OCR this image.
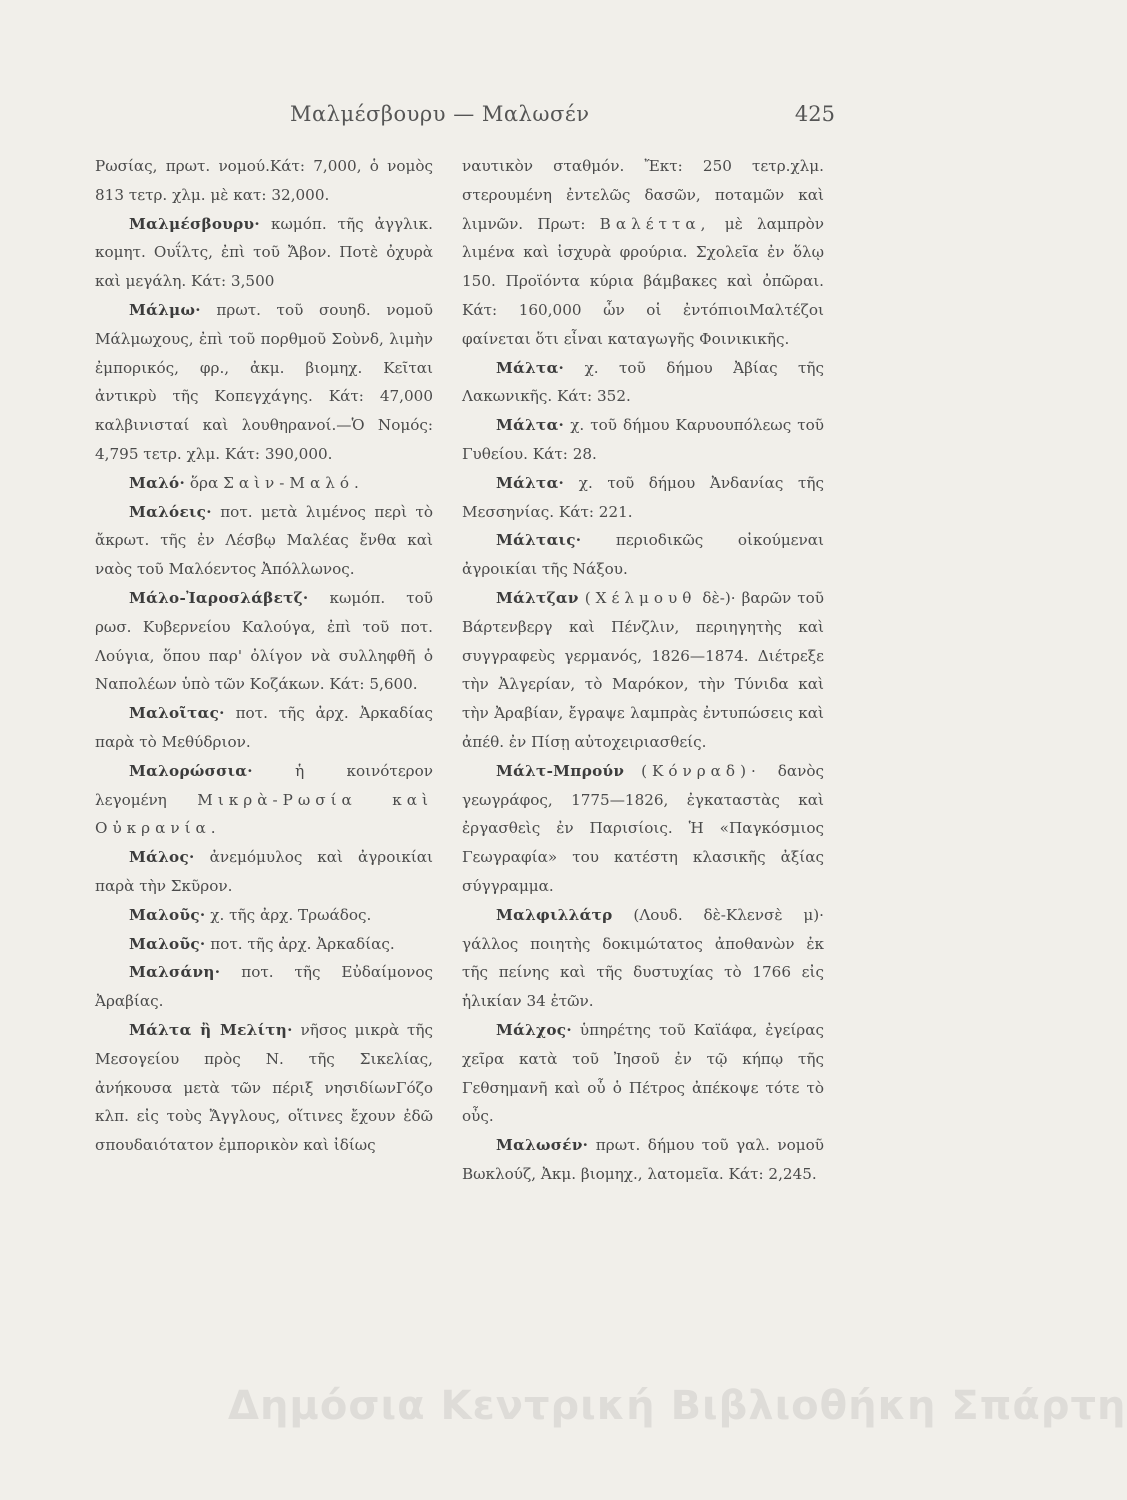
Μαλμέσβουρυ — Μαλωσέν	425

Ρωσίας, πρωτ. νομού.Κάτ: 7,000, ὁ νομὸς 813 τετρ. χλμ. μὲ κατ: 32,000.

Μαλμέσβουρυ· κωμόπ. τῆς ἀγγλικ. κομητ. Ουΐλτς, ἐπὶ τοῦ Ἄβον. Ποτὲ ὀχυρὰ καὶ μεγάλη. Κάτ: 3,500

Μάλμω· πρωτ. τοῦ σουηδ. νομοῦ Μάλμωχους, ἐπὶ τοῦ πορθμοῦ Σοὺνδ, λιμὴν ἐμπορικός, φρ., ἀκμ. βιομηχ. Κεῖται ἀντικρὺ τῆς Κοπεγχάγης. Κάτ: 47,000 καλβινισταί καὶ λουθηρανοί.—Ὁ Νομός: 4,795 τετρ. χλμ. Κάτ: 390,000.

Μαλό· ὅρα Σαὶν-Μαλό.

Μαλόεις· ποτ. μετὰ λιμένος περὶ τὸ ἄκρωτ. τῆς ἐν Λέσβῳ Μαλέας ἔνθα καὶ ναὸς τοῦ Μαλόεντος Ἀπόλλωνος.

Μάλο-Ἰαροσλάβετζ· κωμόπ. τοῦ ρωσ. Κυβερνείου Καλούγα, ἐπὶ τοῦ ποτ. Λούγια, ὅπου παρ' ὀλίγον νὰ συλληφθῆ ὁ Ναπολέων ὑπὸ τῶν Κοζάκων. Κάτ: 5,600.

Μαλοῖτας· ποτ. τῆς ἀρχ. Ἀρκαδίας παρὰ τὸ Μεθύδριον.

Μαλορώσσια·	ἡ κοινότερον λεγομένη Μικρὰ-Ρωσία καὶ Οὐκρανία.

Μάλος· ἀνεμόμυλος καὶ ἀγροικίαι παρὰ τὴν Σκῦρον.

Μαλοῦς· χ. τῆς ἀρχ. Τρωάδος.

Μαλοῦς· ποτ. τῆς ἀρχ. Ἀρκαδίας.

Μαλσάνη· ποτ. τῆς Εὐδαίμονος Ἀραβίας.

Μάλτα ἢ Μελίτη· νῆσος μικρὰ τῆς Μεσογείου πρὸς Ν. τῆς Σικελίας, ἀνήκουσα μετὰ τῶν πέριξ νησιδίωνΓόζο κλπ. εἰς τοὺς Ἄγγλους, οἵτινες ἔχουν ἐδῶ σπουδαιότατον ἐμπορικὸν καὶ ἰδίως

ναυτικὸν σταθμόν. Ἔκτ: 250 τετρ.χλμ. στερουμένη ἐντελῶς δασῶν, ποταμῶν καὶ λιμνῶν. Πρωτ: Βαλέττα, μὲ λαμπρὸν λιμένα καὶ ἰσχυρὰ φρούρια. Σχολεῖα ἐν ὅλῳ 150. Προϊόντα κύρια βάμβακες καὶ ὀπῶραι. Κάτ: 160,000 ὧν οἱ ἐντόπιοιΜαλτέζοι φαίνεται ὅτι εἶναι καταγωγῆς Φοινικικῆς.

Μάλτα· χ. τοῦ δήμου Ἀβίας τῆς Λακωνικῆς. Κάτ: 352.

Μάλτα· χ. τοῦ δήμου Καρυουπόλεως τοῦ Γυθείου. Κάτ: 28.

Μάλτα· χ. τοῦ δήμου Ἀνδανίας τῆς Μεσσηνίας. Κάτ: 221.

Μάλταις· περιοδικῶς οἰκούμεναι ἀγροικίαι τῆς Νάξου.

Μάλτζαν (Χέλμουθ δὲ-)· βαρῶν τοῦ Βάρτενβεργ καὶ Πένζλιν, περιηγητὴς καὶ συγγραφεὺς γερμανός, 1826—1874. Διέτρεξε τὴν Ἀλγερίαν, τὸ Μαρόκον, τὴν Τύνιδα καὶ τὴν Ἀραβίαν, ἔγραψε λαμπρὰς ἐντυπώσεις καὶ ἀπέθ. ἐν Πίσῃ αὐτοχειριασθείς.

Μάλτ-Μπρούν (Κόνραδ)· δανὸς γεωγράφος, 1775—1826, ἐγκαταστὰς καὶ ἐργασθεὶς ἐν Παρισίοις. Ἡ «Παγκόσμιος Γεωγραφία» του κατέστη κλασικῆς ἀξίας σύγγραμμα.

Μαλφιλλάτρ (Λουδ. δὲ-Κλενσὲ μ)· γάλλος ποιητὴς δοκιμώτατος ἀποθανὼν ἐκ τῆς πείνης καὶ τῆς δυστυχίας τὸ 1766 εἰς ἡλικίαν 34 ἐτῶν.

Μάλχος· ὑπηρέτης τοῦ Καϊάφα, ἐγείρας χεῖρα κατὰ τοῦ Ἰησοῦ ἐν τῷ κήπῳ τῆς Γεθσημανῆ καὶ οὗ ὁ Πέτρος ἀπέκοψε τότε τὸ οὖς.

Μαλωσέν· πρωτ. δήμου τοῦ γαλ. νομοῦ Βωκλούζ, Ἀκμ. βιομηχ., λατομεῖα. Κάτ: 2,245.

Δημόσια Κεντρική Βιβλιοθήκη Σπάρτη
